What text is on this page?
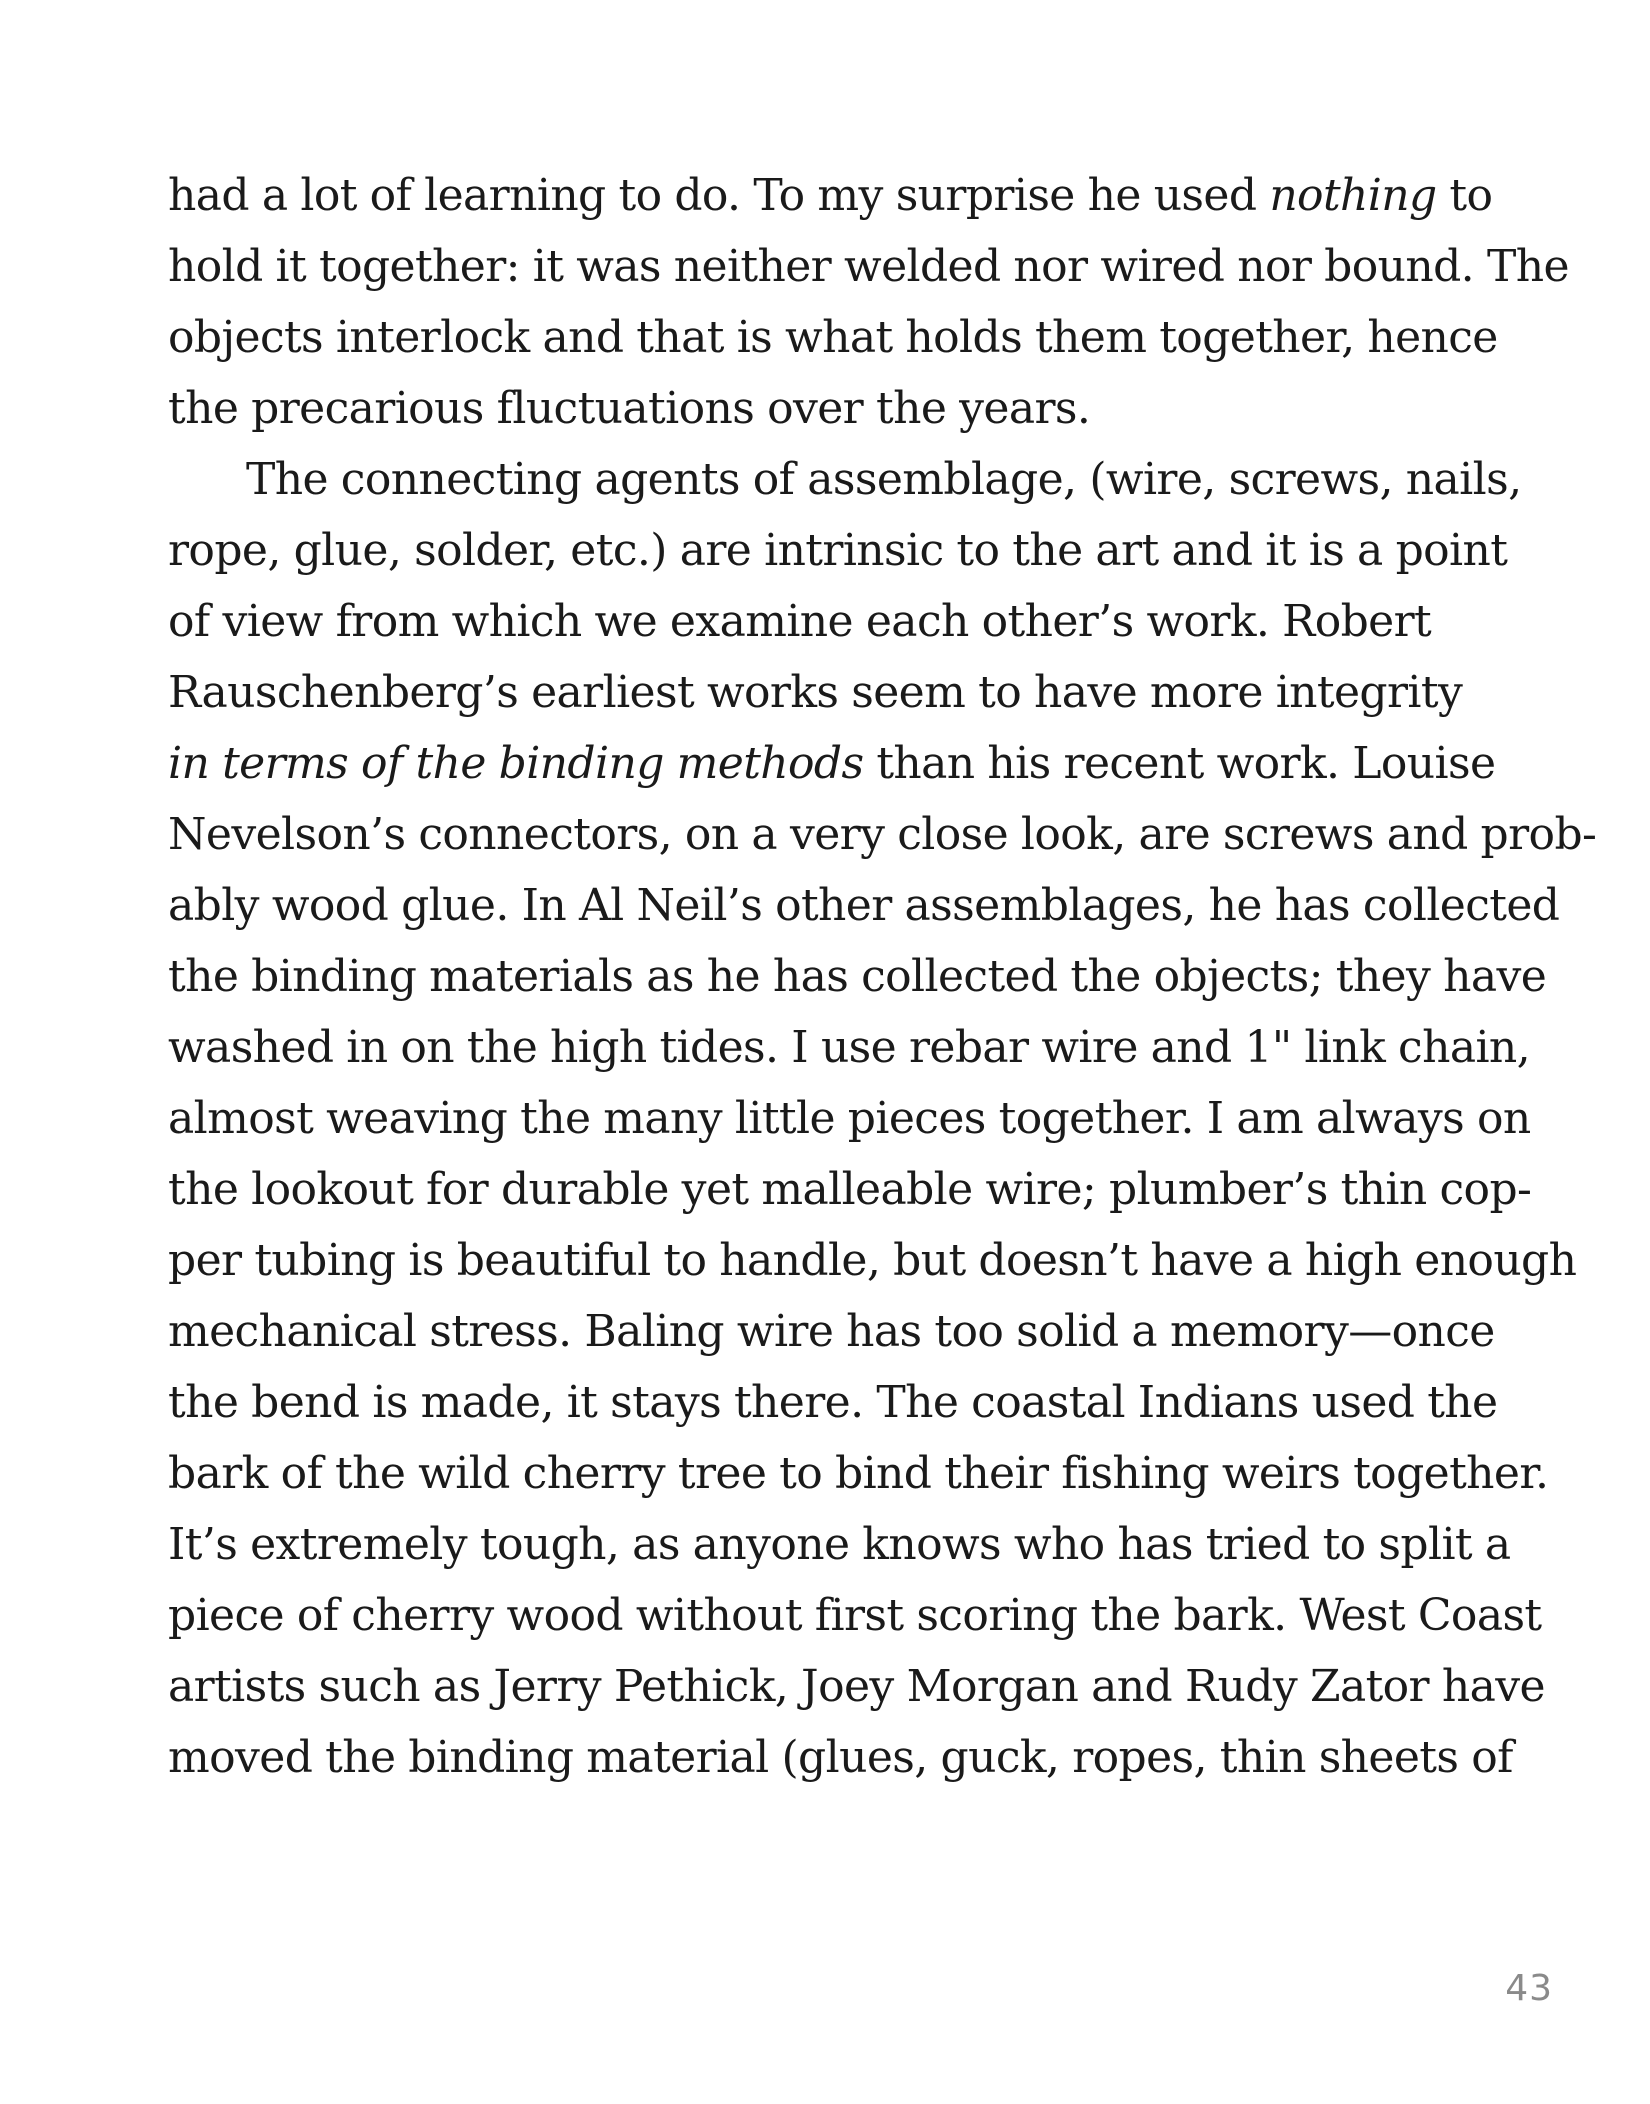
had a lot of learning to do. To my surprise he used nothing to
hold it together: it was neither welded nor wired nor bound. The
objects interlock and that is what holds them together, hence
the precarious fluctuations over the years.
The connecting agents of assemblage, (wire, screws, nails,
rope, glue, solder, etc.) are intrinsic to the art and it is a point
of view from which we examine each other’s work. Robert
Rauschenberg’s earliest works seem to have more integrity
in terms of the binding methods than his recent work. Louise
Nevelson’s connectors, on a very close look, are screws and prob-
ably wood glue. In Al Neil’s other assemblages, he has collected
the binding materials as he has collected the objects; they have
washed in on the high tides. I use rebar wire and 1" link chain,
almost weaving the many little pieces together. I am always on
the lookout for durable yet malleable wire; plumber’s thin cop-
per tubing is beautiful to handle, but doesn’t have a high enough
mechanical stress. Baling wire has too solid a memory—once
the bend is made, it stays there. The coastal Indians used the
bark of the wild cherry tree to bind their fishing weirs together.
It’s extremely tough, as anyone knows who has tried to split a
piece of cherry wood without first scoring the bark. West Coast
artists such as Jerry Pethick, Joey Morgan and Rudy Zator have
moved the binding material (glues, guck, ropes, thin sheets of
43
